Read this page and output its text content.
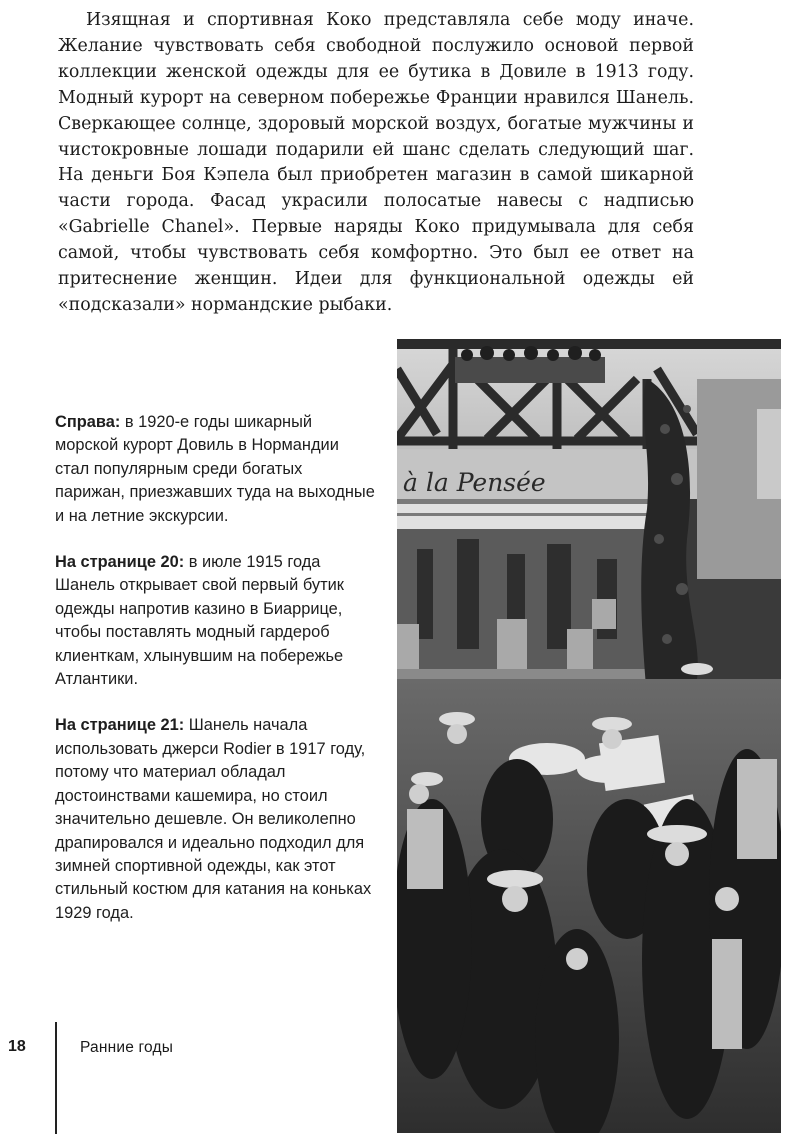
Изящная и спортивная Коко представляла себе моду иначе. Желание чувствовать себя свободной послужило основой первой коллекции женской одежды для ее бутика в Довиле в 1913 году. Модный курорт на северном побережье Франции нравился Шанель. Сверкающее солнце, здоровый морской воздух, богатые мужчины и чистокровные лошади подарили ей шанс сделать следующий шаг. На деньги Боя Кэпела был приобретен магазин в самой шикарной части города. Фасад украсили полосатые навесы с надписью «Gabrielle Chanel». Первые наряды Коко придумывала для себя самой, чтобы чувствовать себя комфортно. Это был ее ответ на притеснение женщин. Идеи для функциональной одежды ей «подсказали» нормандские рыбаки.

Справа: в 1920-е годы шикарный морской курорт Довиль в Нормандии стал популярным среди богатых парижан, приезжавших туда на выходные и на летние экскурсии.

На странице 20: в июле 1915 года Шанель открывает свой первый бутик одежды напротив казино в Биаррице, чтобы поставлять модный гардероб клиенткам, хлынувшим на побережье Атлантики.

На странице 21: Шанель начала использовать джерси Rodier в 1917 году, потому что материал обладал достоинствами кашемира, но стоил значительно дешевле. Он великолепно драпировался и идеально подходил для зимней спортивной одежды, как этот стильный костюм для катания на коньках 1929 года.

à la Pensée
18	Ранние годы
